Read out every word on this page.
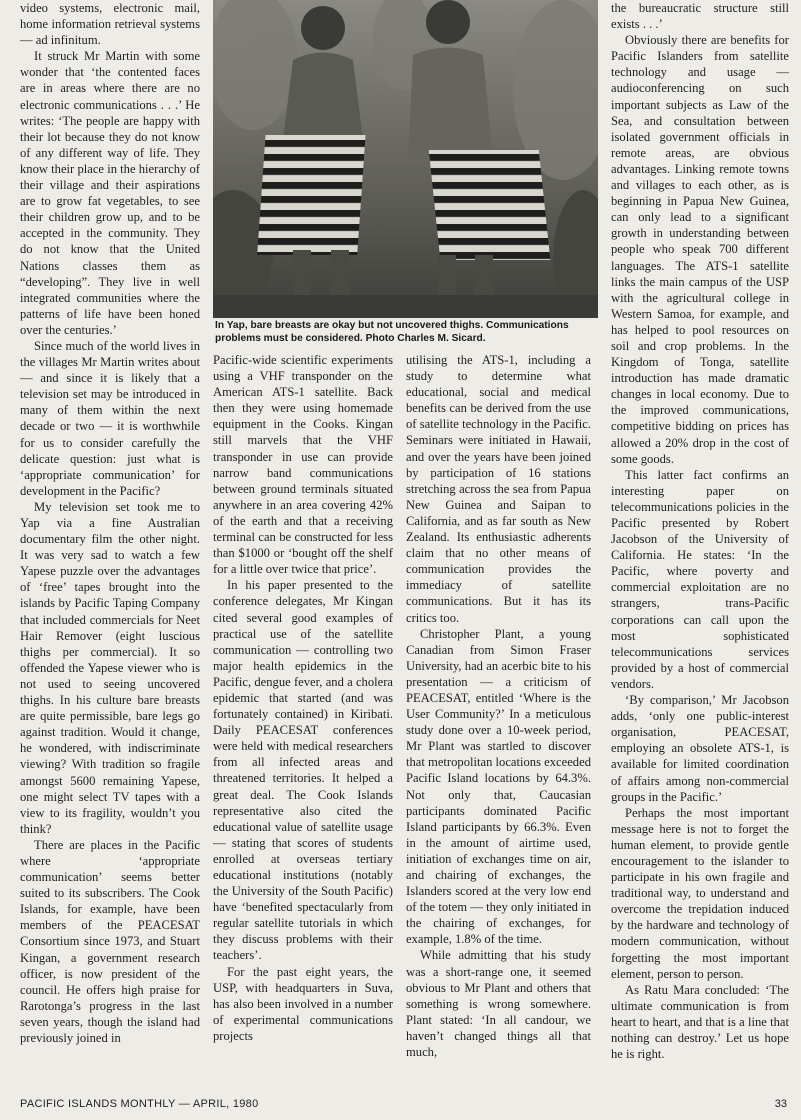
video systems, electronic mail, home information retrieval systems — ad infinitum.

It struck Mr Martin with some wonder that ‘the contented faces are in areas where there are no electronic communications . . .’ He writes: ‘The people are happy with their lot because they do not know of any different way of life. They know their place in the hierarchy of their village and their aspirations are to grow fat vegetables, to see their children grow up, and to be accepted in the community. They do not know that the United Nations classes them as “developing”. They live in well integrated communities where the patterns of life have been honed over the centuries.’

Since much of the world lives in the villages Mr Martin writes about — and since it is likely that a television set may be introduced in many of them within the next decade or two — it is worthwhile for us to consider carefully the delicate question: just what is ‘appropriate communication’ for development in the Pacific?

My television set took me to Yap via a fine Australian documentary film the other night. It was very sad to watch a few Yapese puzzle over the advantages of ‘free’ tapes brought into the islands by Pacific Taping Company that included commercials for Neet Hair Remover (eight luscious thighs per commercial). It so offended the Yapese viewer who is not used to seeing uncovered thighs. In his culture bare breasts are quite permissible, bare legs go against tradition. Would it change, he wondered, with indiscriminate viewing? With tradition so fragile amongst 5600 remaining Yapese, one might select TV tapes with a view to its fragility, wouldn’t you think?

There are places in the Pacific where ‘appropriate communication’ seems better suited to its subscribers. The Cook Islands, for example, have been members of the PEACESAT Consortium since 1973, and Stuart Kingan, a government research officer, is now president of the council. He offers high praise for Rarotonga’s progress in the last seven years, though the island had previously joined in

In Yap, bare breasts are okay but not uncovered thighs. Communications problems must be considered. Photo Charles M. Sicard.

Pacific-wide scientific experiments using a VHF transponder on the American ATS-1 satellite. Back then they were using homemade equipment in the Cooks. Kingan still marvels that the VHF transponder in use can provide narrow band communications between ground terminals situated anywhere in an area covering 42% of the earth and that a receiving terminal can be constructed for less than $1000 or ‘bought off the shelf for a little over twice that price’.

In his paper presented to the conference delegates, Mr Kingan cited several good examples of practical use of the satellite communication — controlling two major health epidemics in the Pacific, dengue fever, and a cholera epidemic that started (and was fortunately contained) in Kiribati. Daily PEACESAT conferences were held with medical researchers from all infected areas and threatened territories. It helped a great deal. The Cook Islands representative also cited the educational value of satellite usage — stating that scores of students enrolled at overseas tertiary educational institutions (notably the University of the South Pacific) have ‘benefited spectacularly from regular satellite tutorials in which they discuss problems with their teachers’.

For the past eight years, the USP, with headquarters in Suva, has also been involved in a number of experimental communications projects

utilising the ATS-1, including a study to determine what educational, social and medical benefits can be derived from the use of satellite technology in the Pacific. Seminars were initiated in Hawaii, and over the years have been joined by participation of 16 stations stretching across the sea from Papua New Guinea and Saipan to California, and as far south as New Zealand. Its enthusiastic adherents claim that no other means of communication provides the immediacy of satellite communications. But it has its critics too.

Christopher Plant, a young Canadian from Simon Fraser University, had an acerbic bite to his presentation — a criticism of PEACESAT, entitled ‘Where is the User Community?’ In a meticulous study done over a 10-week period, Mr Plant was startled to discover that metropolitan locations exceeded Pacific Island locations by 64.3%. Not only that, Caucasian participants dominated Pacific Island participants by 66.3%. Even in the amount of airtime used, initiation of exchanges time on air, and chairing of exchanges, the Islanders scored at the very low end of the totem — they only initiated in the chairing of exchanges, for example, 1.8% of the time.

While admitting that his study was a short-range one, it seemed obvious to Mr Plant and others that something is wrong somewhere. Plant stated: ‘In all candour, we haven’t changed things all that much,

the bureaucratic structure still exists . . .’

Obviously there are benefits for Pacific Islanders from satellite technology and usage — audioconferencing on such important subjects as Law of the Sea, and consultation between isolated government officials in remote areas, are obvious advantages. Linking remote towns and villages to each other, as is beginning in Papua New Guinea, can only lead to a significant growth in understanding between people who speak 700 different languages. The ATS-1 satellite links the main campus of the USP with the agricultural college in Western Samoa, for example, and has helped to pool resources on soil and crop problems. In the Kingdom of Tonga, satellite introduction has made dramatic changes in local economy. Due to the improved communications, competitive bidding on prices has allowed a 20% drop in the cost of some goods.

This latter fact confirms an interesting paper on telecommunications policies in the Pacific presented by Robert Jacobson of the University of California. He states: ‘In the Pacific, where poverty and commercial exploitation are no strangers, trans-Pacific corporations can call upon the most sophisticated telecommunications services provided by a host of commercial vendors.

‘By comparison,’ Mr Jacobson adds, ‘only one public-interest organisation, PEACESAT, employing an obsolete ATS-1, is available for limited coordination of affairs among non-commercial groups in the Pacific.’

Perhaps the most important message here is not to forget the human element, to provide gentle encouragement to the islander to participate in his own fragile and traditional way, to understand and overcome the trepidation induced by the hardware and technology of modern communication, without forgetting the most important element, person to person.

As Ratu Mara concluded: ‘The ultimate communication is from heart to heart, and that is a line that nothing can destroy.’ Let us hope he is right.

PACIFIC ISLANDS MONTHLY — APRIL, 1980	33
